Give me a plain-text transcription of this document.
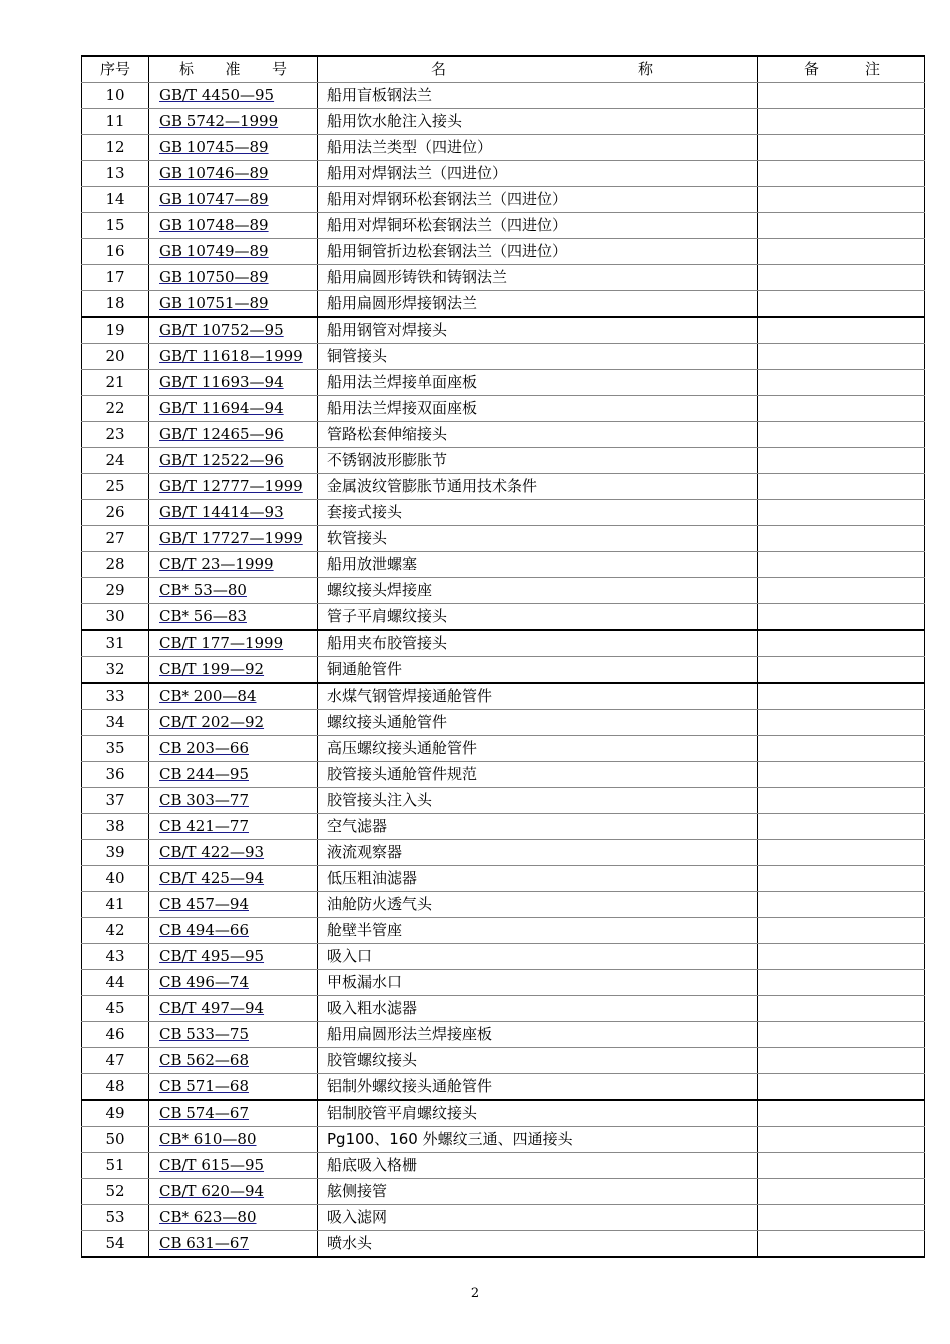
序号	标 准 号	名 称	备 注

10	GB/T 4450—95	船用盲板钢法兰	
11	GB 5742—1999	船用饮水舱注入接头	
12	GB 10745—89	船用法兰类型（四进位）	
13	GB 10746—89	船用对焊钢法兰（四进位）	
14	GB 10747—89	船用对焊钢环松套钢法兰（四进位）	
15	GB 10748—89	船用对焊铜环松套钢法兰（四进位）	
16	GB 10749—89	船用铜管折边松套钢法兰（四进位）	
17	GB 10750—89	船用扁圆形铸铁和铸钢法兰	
18	GB 10751—89	船用扁圆形焊接钢法兰	
19	GB/T 10752—95	船用钢管对焊接头	
20	GB/T 11618—1999	铜管接头	
21	GB/T 11693—94	船用法兰焊接单面座板	
22	GB/T 11694—94	船用法兰焊接双面座板	
23	GB/T 12465—96	管路松套伸缩接头	
24	GB/T 12522—96	不锈钢波形膨胀节	
25	GB/T 12777—1999	金属波纹管膨胀节通用技术条件	
26	GB/T 14414—93	套接式接头	
27	GB/T 17727—1999	软管接头	
28	CB/T 23—1999	船用放泄螺塞	
29	CB* 53—80	螺纹接头焊接座	
30	CB* 56—83	管子平肩螺纹接头	
31	CB/T 177—1999	船用夹布胶管接头	
32	CB/T 199—92	铜通舱管件	
33	CB* 200—84	水煤气钢管焊接通舱管件	
34	CB/T 202—92	螺纹接头通舱管件	
35	CB 203—66	高压螺纹接头通舱管件	
36	CB 244—95	胶管接头通舱管件规范	
37	CB 303—77	胶管接头注入头	
38	CB 421—77	空气滤器	
39	CB/T 422—93	液流观察器	
40	CB/T 425—94	低压粗油滤器	
41	CB 457—94	油舱防火透气头	
42	CB 494—66	舱壁半管座	
43	CB/T 495—95	吸入口	
44	CB 496—74	甲板漏水口	
45	CB/T 497—94	吸入粗水滤器	
46	CB 533—75	船用扁圆形法兰焊接座板	
47	CB 562—68	胶管螺纹接头	
48	CB 571—68	铝制外螺纹接头通舱管件	
49	CB 574—67	铝制胶管平肩螺纹接头	
50	CB* 610—80	Pg100、160 外螺纹三通、四通接头	
51	CB/T 615—95	船底吸入格栅	
52	CB/T 620—94	舷侧接管	
53	CB* 623—80	吸入滤网	
54	CB 631—67	喷水头	
2
